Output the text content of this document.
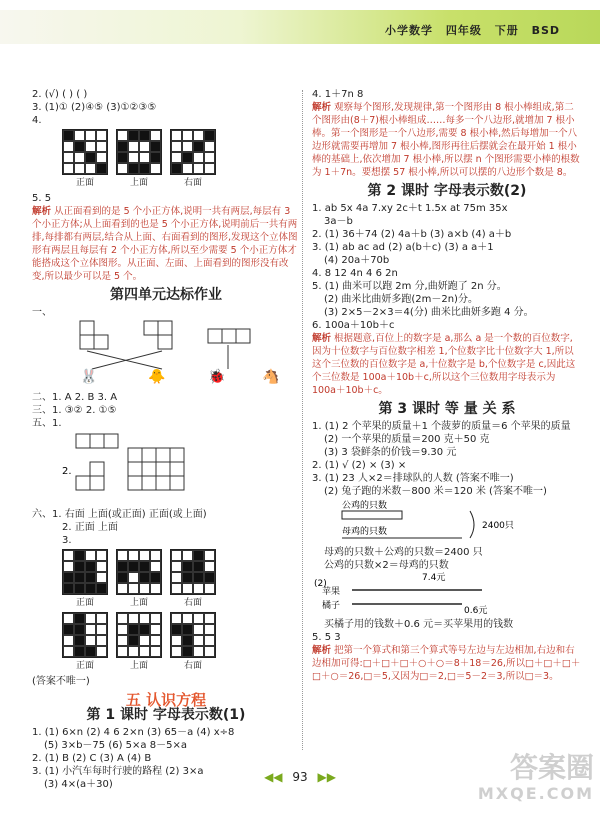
小学数学 四年级 下册 BSD
2. (√) ( ) ( )
3. (1)① (2)④⑤ (3)①②③⑤
4.
正面	上面	右面
5. 5
解析 从正面看到的是 5 个小正方体,说明一共有两层,每层有 3 个小正方体;从上面看到的也是 5 个小正方体,说明前后一共有两排,每排都有两层,结合从上面、右面看到的图形,发现这个立体图形有两层且每层有 2 个小正方体,所以至少需要 5 个小正方体才能搭成这个立体图形。从正面、左面、上面看到的图形没有改变,所以最少可以是 5 个。
第四单元达标作业
一、
🐰	🐥	🐞	🐴
二、1. A 2. B 3. A
三、1. ③② 2. ①⑤
五、1.
2.
六、1. 右面 上面(或正面) 正面(或上面)
2. 正面 上面
3.
正面	上面	右面
正面	上面	右面
(答案不唯一)
五 认识方程
第 1 课时 字母表示数(1)
1. (1) 6×n (2) 4 6 2×n (3) 65－a (4) x÷8
(5) 3×b－75 (6) 5×a 8－5×a
2. (1) B (2) C (3) A (4) B
3. (1) 小汽车每时行驶的路程 (2) 3×a
(3) 4×(a＋30)
4. 1＋7n 8
解析 观察每个图形,发现规律,第一个图形由 8 根小棒组成,第二个图形由(8＋7)根小棒组成……每多一个八边形,就增加 7 根小棒。第一个图形是一个八边形,需要 8 根小棒,然后每增加一个八边形就需要再增加 7 根小棒,图形再往后摆就会在最开始 1 根小棒的基础上,依次增加 7 根小棒,所以摆 n 个图形需要小棒的根数为 1＋7n。要想摆 57 根小棒,所以可以摆的八边形个数是 8。
第 2 课时 字母表示数(2)
1. ab 5x 4a 7.xy 2c＋t 1.5x at 75m 35x
3a－b
2. (1) 36＋74 (2) 4a＋b (3) a×b (4) a＋b
3. (1) ab ac ad (2) a(b＋c) (3) a a＋1
(4) 20a＋70b
4. 8 12 4n 4 6 2n
5. (1) 曲米可以跑 2m 分,曲妍跑了 2n 分。
(2) 曲米比曲妍多跑(2m－2n)分。
(3) 2×5－2×3＝4(分) 曲米比曲妍多跑 4 分。
6. 100a＋10b＋c
解析 根据题意,百位上的数字是 a,那么 a 是一个数的百位数字,因为十位数字与百位数字相差 1,个位数字比十位数字大 1,所以这个三位数的百位数字是 a,十位数字是 b,个位数字是 c,因此这个三位数是 100a＋10b＋c,所以这个三位数用字母表示为 100a＋10b＋c。
第 3 课时 等 量 关 系
1. (1) 2 个苹果的质量＋1 个菠萝的质量＝6 个苹果的质量
(2) 一个苹果的质量＝200 克＋50 克
(3) 3 袋鲜条的价钱＝9.30 元
2. (1) √ (2) × (3) ×
3. (1) 23 人×2＝排球队的人数 (答案不唯一)
(2) 兔子跑的米数－800 米＝120 米 (答案不唯一)
公鸡的只数
母鸡的只数
2400只
母鸡的只数＋公鸡的只数＝2400 只
公鸡的只数×2＝母鸡的只数
(2)
7.4元
苹果
橘子	0.6元
买橘子用的钱数＋0.6 元＝买苹果用的钱数
5. 5 3
解析 把第一个算式和第三个算式等号左边与左边相加,右边和右边相加可得:□＋□＋□＋○＋○＝8＋18＝26,所以□＋□＋□＋□＋○＝26,□＝5,又因为□＝2,□＝5－2＝3,所以□＝3。
◀◀ 93 ▶▶	答案圈
MXQE.COM
